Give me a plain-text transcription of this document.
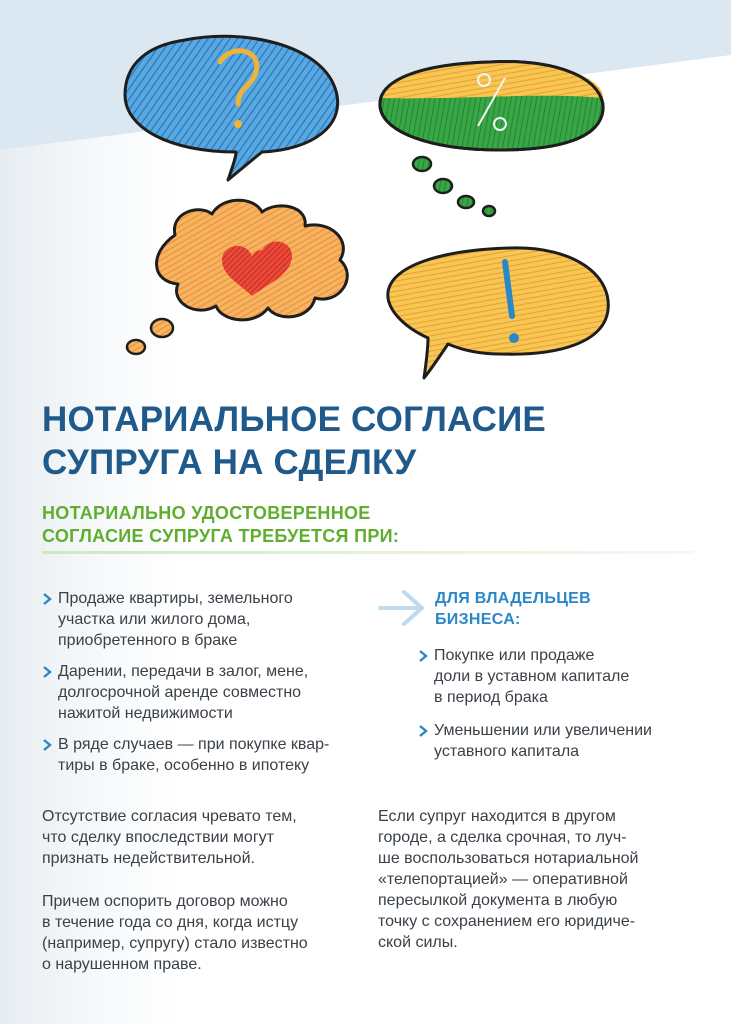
НОТАРИАЛЬНОЕ СОГЛАСИЕ
СУПРУГА НА СДЕЛКУ
НОТАРИАЛЬНО УДОСТОВЕРЕННОЕ
СОГЛАСИЕ СУПРУГА ТРЕБУЕТСЯ ПРИ:
Продаже квартиры, земельного
участка или жилого дома,
приобретенного в браке
Дарении, передачи в залог, мене,
долгосрочной аренде совместно
нажитой недвижимости
В ряде случаев — при покупке квар-
тиры в браке, особенно в ипотеку
ДЛЯ ВЛАДЕЛЬЦЕВ
БИЗНЕСА:
Покупке или продаже
доли в уставном капитале
в период брака
Уменьшении или увеличении
уставного капитала

Отсутствие согласия чревато тем,
что сделку впоследствии могут
признать недействительной.

Причем оспорить договор можно
в течение года со дня, когда истцу
(например, супругу) стало известно
о нарушенном праве.

Если супруг находится в другом
городе, а сделка срочная, то луч-
ше воспользоваться нотариальной
«телепортацией» — оперативной
пересылкой документа в любую
точку с сохранением его юридиче-
ской силы.
